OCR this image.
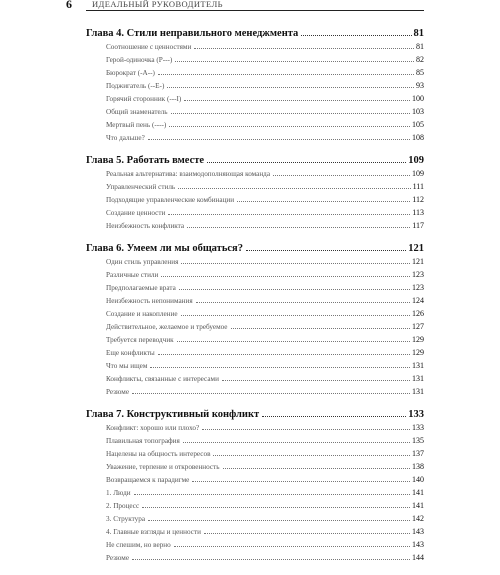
6 ИДЕАЛЬНЫЙ РУКОВОДИТЕЛЬ
Глава 4. Стили неправильного менеджмента	81
Соотношение с ценностями	81
Герой-одиночка (P---)	82
Бюрократ (-A--)	85
Поджигатель (--E-)	93
Горячий сторонник (---I)	100
Общий знаменатель	103
Мертвый пень (----)	105
Что дальше?	108
Глава 5. Работать вместе	109
Реальная альтернатива: взаимодополняющая команда	109
Управленческий стиль	111
Подходящие управленческие комбинации	112
Создание ценности	113
Неизбежность конфликта	117
Глава 6. Умеем ли мы общаться?	121
Один стиль управления	121
Различные стили	123
Предполагаемые врата	123
Неизбежность непонимания	124
Создание и накопление	126
Действительное, желаемое и требуемое	127
Требуется переводчик	129
Еще конфликты	129
Что мы ищем	131
Конфликты, связанные с интересами	131
Резюме	131
Глава 7. Конструктивный конфликт	133
Конфликт: хорошо или плохо?	133
Плавильная топография	135
Нацелены на общность интересов	137
Уважение, терпение и откровенность	138
Возвращаемся к парадигме	140
1. Люди	141
2. Процесс	141
3. Структура	142
4. Главные взгляды и ценности	143
Не спешим, но верно	143
Резюме	144
